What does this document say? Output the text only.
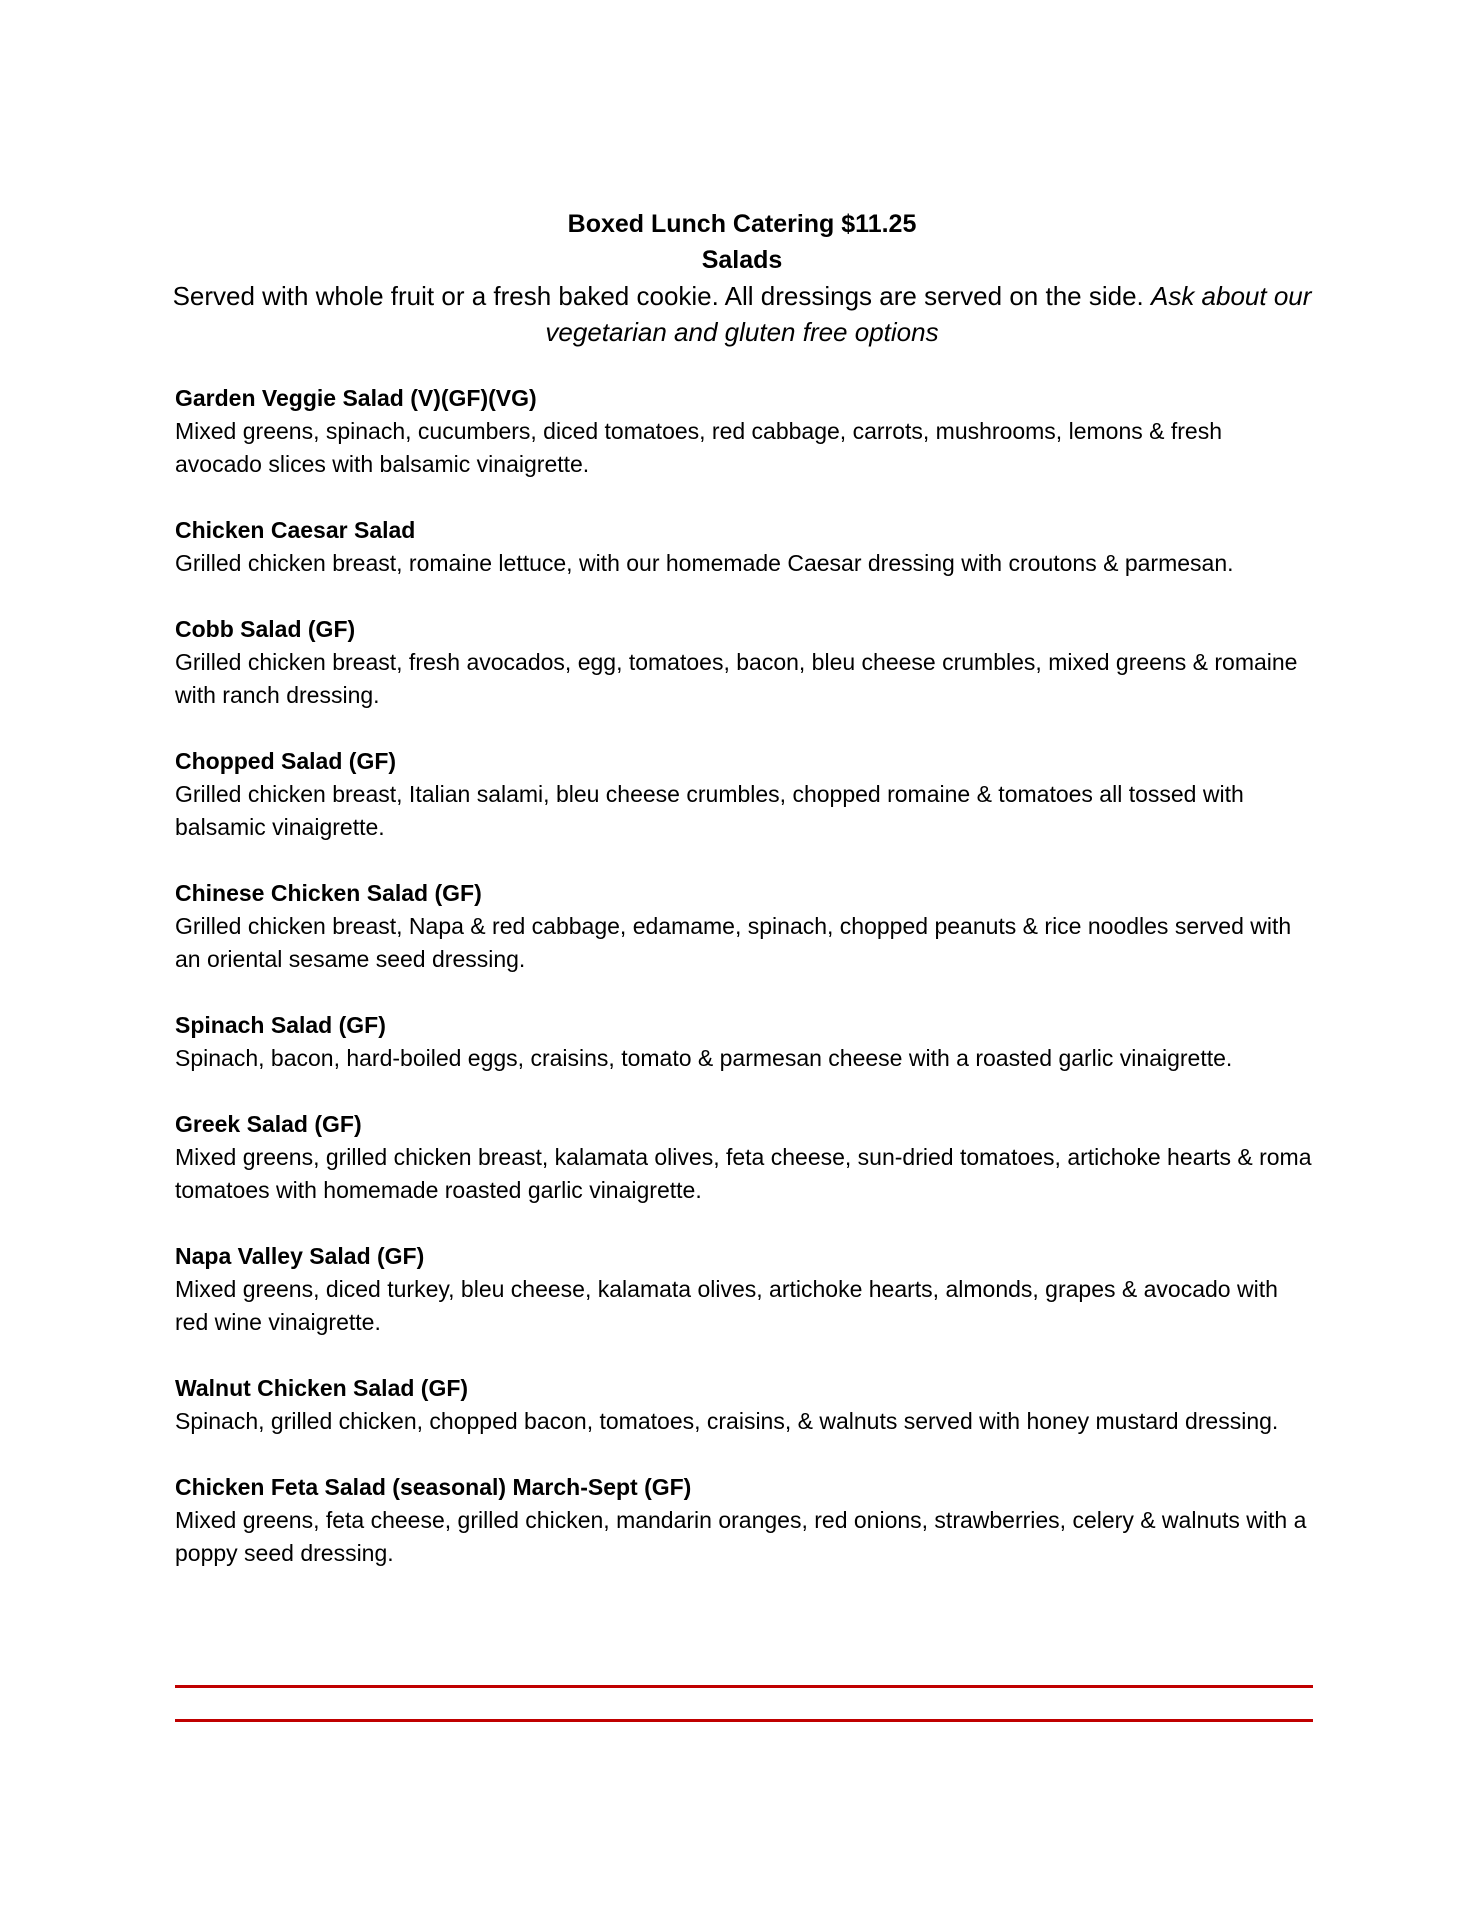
Boxed Lunch Catering $11.25
Salads
Served with whole fruit or a fresh baked cookie. All dressings are served on the side. Ask about our vegetarian and gluten free options
Garden Veggie Salad (V)(GF)(VG)
Mixed greens, spinach, cucumbers, diced tomatoes, red cabbage, carrots, mushrooms, lemons & fresh avocado slices with balsamic vinaigrette.
Chicken Caesar Salad
Grilled chicken breast, romaine lettuce, with our homemade Caesar dressing with croutons & parmesan.
Cobb Salad (GF)
Grilled chicken breast, fresh avocados, egg, tomatoes, bacon, bleu cheese crumbles, mixed greens & romaine with ranch dressing.
Chopped Salad (GF)
Grilled chicken breast, Italian salami, bleu cheese crumbles, chopped romaine & tomatoes all tossed with balsamic vinaigrette.
Chinese Chicken Salad (GF)
Grilled chicken breast, Napa & red cabbage, edamame, spinach, chopped peanuts & rice noodles served with an oriental sesame seed dressing.
Spinach Salad (GF)
Spinach, bacon, hard-boiled eggs, craisins, tomato & parmesan cheese with a roasted garlic vinaigrette.
Greek Salad (GF)
Mixed greens, grilled chicken breast, kalamata olives, feta cheese, sun-dried tomatoes, artichoke hearts & roma tomatoes with homemade roasted garlic vinaigrette.
Napa Valley Salad (GF)
Mixed greens, diced turkey, bleu cheese, kalamata olives, artichoke hearts, almonds, grapes & avocado with red wine vinaigrette.
Walnut Chicken Salad (GF)
Spinach, grilled chicken, chopped bacon, tomatoes, craisins, & walnuts served with honey mustard dressing.
Chicken Feta Salad (seasonal) March-Sept (GF)
Mixed greens, feta cheese, grilled chicken, mandarin oranges, red onions, strawberries, celery & walnuts with a poppy seed dressing.
